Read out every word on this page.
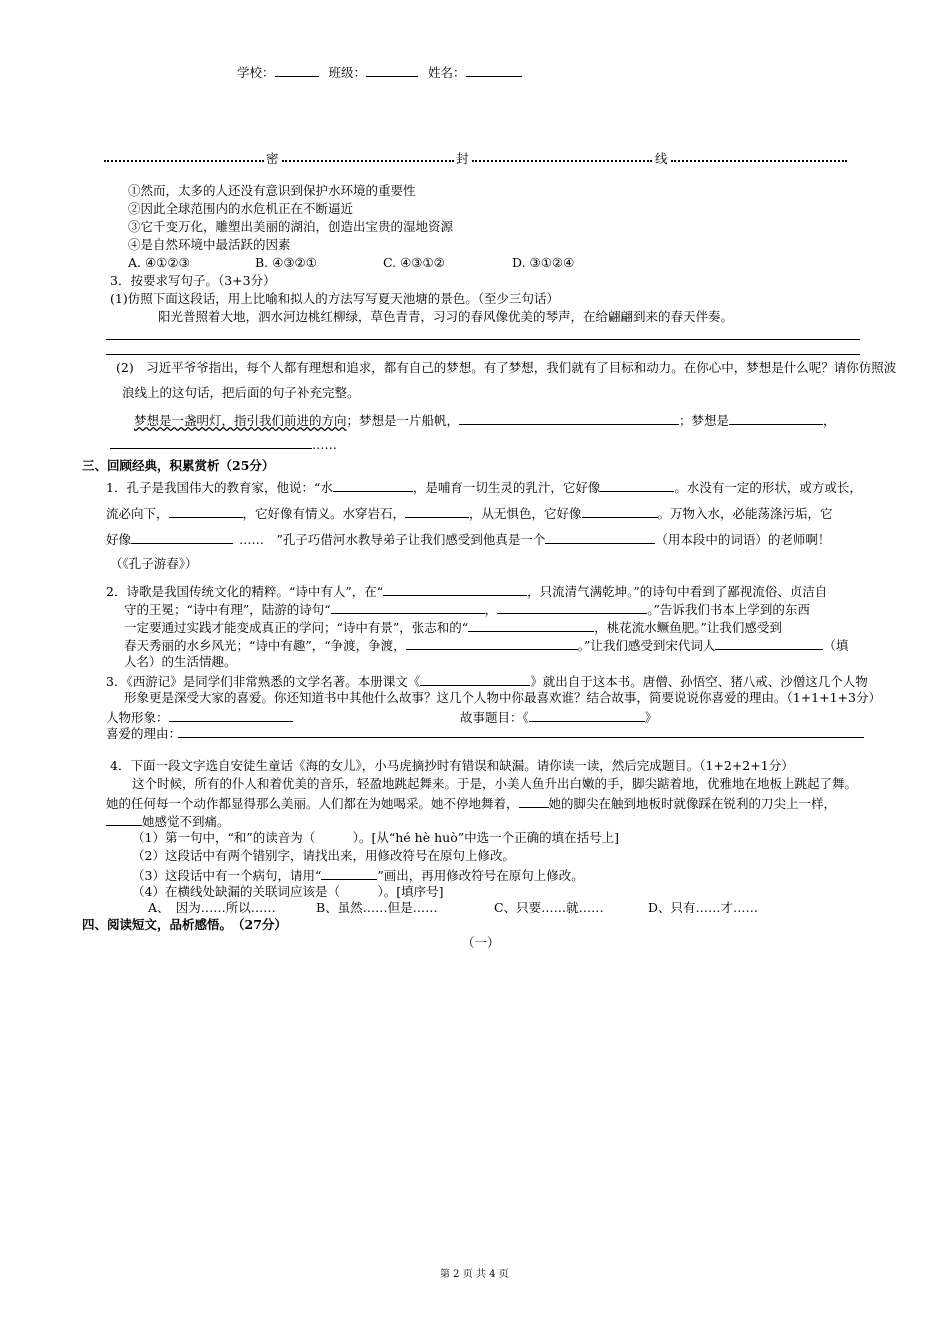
学校：	班级：	姓名：
密	封	线
①然而，太多的人还没有意识到保护水环境的重要性
②因此全球范围内的水危机正在不断逼近
③它千变万化，雕塑出美丽的湖泊，创造出宝贵的湿地资源
④是自然环境中最活跃的因素
A. ④①②③	B. ④③②①	C. ④③①②	D. ③①②④
3．按要求写句子。（3+3分）
(1)仿照下面这段话，用上比喻和拟人的方法写写夏天池塘的景色。（至少三句话）
阳光普照着大地，泗水河边桃红柳绿，草色青青，习习的春风像优美的琴声，在给翩翩到来的春天伴奏。
(2)　习近平爷爷指出，每个人都有理想和追求，都有自己的梦想。有了梦想，我们就有了目标和动力。在你心中，梦想是什么呢？请你仿照波
浪线上的这句话，把后面的句子补充完整。
梦想是一盏明灯，指引我们前进的方向；梦想是一片船帆，	；梦想是	，
……
三、回顾经典，积累赏析（25分）
1．孔子是我国伟大的教育家，他说：“水	，是哺育一切生灵的乳汁，它好像	。水没有一定的形状，或方或长，
流必向下，	，它好像有情义。水穿岩石，	，从无惧色，它好像	。万物入水，必能荡涤污垢，它
好像	……　”孔子巧借河水教导弟子让我们感受到他真是一个	（用本段中的词语）的老师啊！
（《孔子游春》）
2．诗歌是我国传统文化的精粹。“诗中有人”，在“	，只流清气满乾坤。”的诗句中看到了鄙视流俗、贞洁自
守的王冕；“诗中有理”，陆游的诗句“	，	。”告诉我们书本上学到的东西
一定要通过实践才能变成真正的学问；“诗中有景”，张志和的“	，桃花流水鳜鱼肥。”让我们感受到
春天秀丽的水乡风光；“诗中有趣”，“争渡，争渡，	。”让我们感受到宋代词人	（填
人名）的生活情趣。
3．《西游记》是同学们非常熟悉的文学名著。本册课文《	》就出自于这本书。唐僧、孙悟空、猪八戒、沙僧这几个人物
形象更是深受大家的喜爱。你还知道书中其他什么故事？这几个人物中你最喜欢谁？结合故事，简要说说你喜爱的理由。（1+1+1+3分）
人物形象：	故事题目：《	》
喜爱的理由：
4．下面一段文字选自安徒生童话《海的女儿》，小马虎摘抄时有错误和缺漏。请你读一读，然后完成题目。（1+2+2+1分）
这个时候，所有的仆人和着优美的音乐，轻盈地跳起舞来。于是，小美人鱼升出白嫩的手，脚尖踮着地，优雅地在地板上跳起了舞。
她的任何每一个动作都显得那么美丽。人们都在为她喝采。她不停地舞着， 她的脚尖在触到地板时就像踩在锐利的刀尖上一样，
她感觉不到痛。
（1）第一句中，“和”的读音为（　　　）。[从“hé hè huò”中选一个正确的填在括号上]
（2）这段话中有两个错别字，请找出来，用修改符号在原句上修改。
（3）这段话中有一个病句，请用“	”画出，再用修改符号在原句上修改。
（4）在横线处缺漏的关联词应该是（　　　）。[填序号]
A、　因为……所以……	B、虽然……但是……	C、只要……就……	D、只有……才……
四、阅读短文，品析感悟。　（27分）
（一）
第 2 页 共 4 页
